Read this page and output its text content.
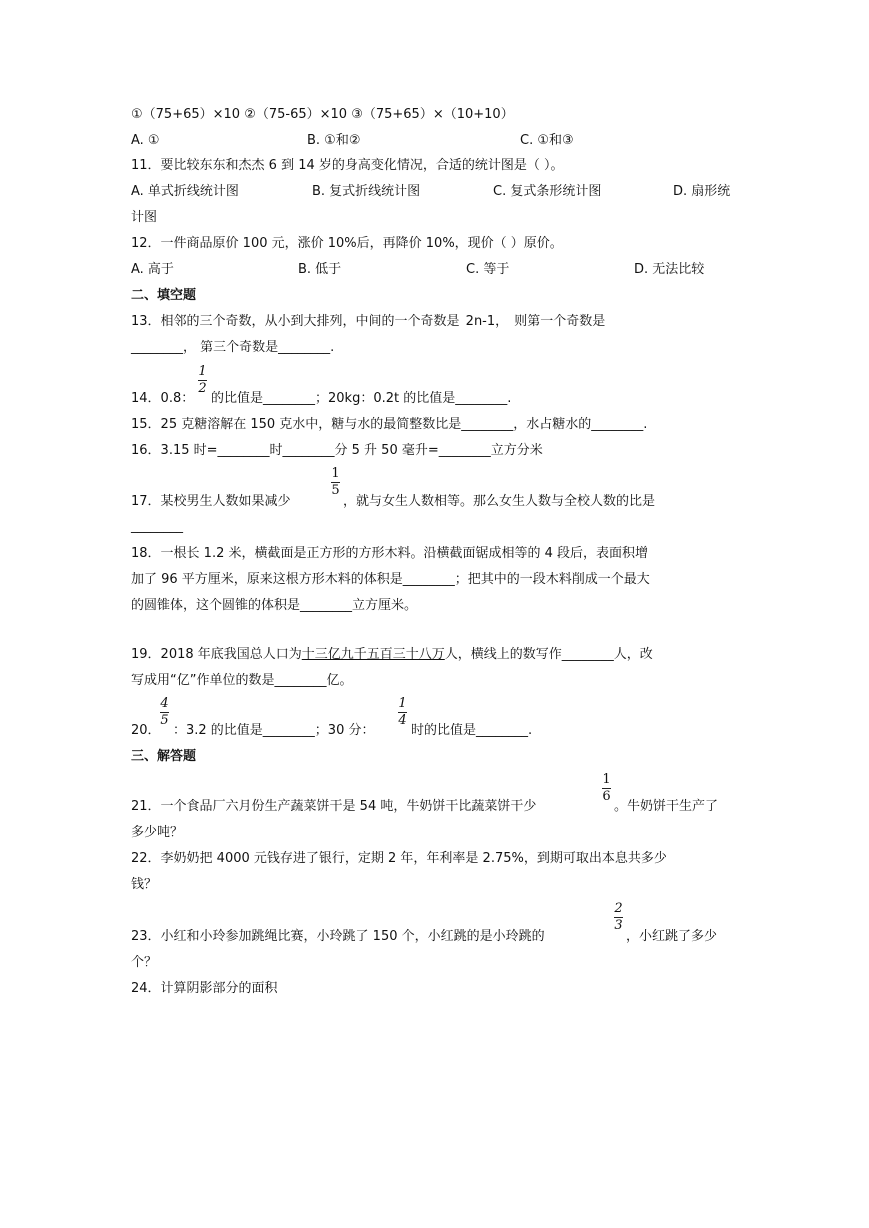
①（75+65）×10 ②（75-65）×10 ③（75+65）×（10+10）
A. ①	B. ①和②	C. ①和③
11．要比较东东和杰杰 6 到 14 岁的身高变化情况，合适的统计图是（ ）。
A. 单式折线统计图	B. 复式折线统计图	C. 复式条形统计图	D. 扇形统
计图
12．一件商品原价 100 元，涨价 10%后，再降价 10%，现价（ ）原价。
A. 高于	B. 低于	C. 等于	D. 无法比较
二、填空题
13．相邻的三个奇数，从小到大排列，中间的一个奇数是 2n-1， 则第一个奇数是
________， 第三个奇数是________.
1
2
14．0.8： 的比值是________；20kg：0.2t 的比值是________.
15．25 克糖溶解在 150 克水中，糖与水的最简整数比是________，水占糖水的________.
16．3.15 时=________时________分 5 升 50 毫升=________立方分米
17．某校男生人数如果减少
1
5
，就与女生人数相等。那么女生人数与全校人数的比是
________
18．一根长 1.2 米，横截面是正方形的方形木料。沿横截面锯成相等的 4 段后，表面积增
加了 96 平方厘米，原来这根方形木料的体积是________；把其中的一段木料削成一个最大
的圆锥体，这个圆锥的体积是________立方厘米。
19．2018 年底我国总人口为十三亿九千五百三十八万人，横线上的数写作________人，改
写成用“亿”作单位的数是________亿。
20．
4
5
：3.2 的比值是________；30 分：
1
4
时的比值是________.
三、解答题
21．一个食品厂六月份生产蔬菜饼干是 54 吨，牛奶饼干比蔬菜饼干少
1
6
。牛奶饼干生产了
多少吨？
22．李奶奶把 4000 元钱存进了银行，定期 2 年，年利率是 2.75%，到期可取出本息共多少
钱？
23．小红和小玲参加跳绳比赛，小玲跳了 150 个，小红跳的是小玲跳的
2
3
，小红跳了多少
个？
24．计算阴影部分的面积
